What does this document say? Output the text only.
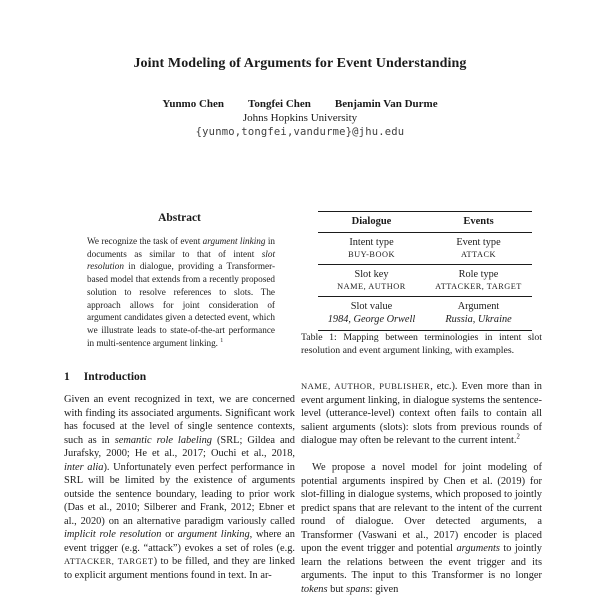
Joint Modeling of Arguments for Event Understanding
Yunmo Chen Tongfei Chen Benjamin Van Durme
Johns Hopkins University
{yunmo,tongfei,vandurme}@jhu.edu
Abstract

We recognize the task of event argument linking in documents as similar to that of intent slot resolution in dialogue, providing a Transformer-based model that extends from a recently proposed solution to resolve references to slots. The approach allows for joint consideration of argument candidates given a detected event, which we illustrate leads to state-of-the-art performance in multi-sentence argument linking. $^1$

1 Introduction

Given an event recognized in text, we are concerned with finding its associated arguments. Significant work has focused at the level of single sentence contexts, such as in semantic role labeling (SRL; Gildea and Jurafsky, 2000; He et al., 2017; Ouchi et al., 2018, inter alia). Unfortunately even perfect performance in SRL will be limited by the existence of arguments outside the sentence boundary, leading to prior work (Das et al., 2010; Silberer and Frank, 2012; Ebner et al., 2020) on an alternative paradigm variously called implicit role resolution or argument linking, where an event trigger (e.g. “attack”) evokes a set of roles (e.g. ATTACKER, TARGET) to be filled, and they are linked to explicit argument mentions found in text. In ar-

Dialogue	Events
Intent type	Event type
BUY-BOOK	ATTACK
Slot key	Role type
NAME, AUTHOR	ATTACKER, TARGET
Slot value	Argument
1984, George Orwell	Russia, Ukraine

Table 1: Mapping between terminologies in intent slot resolution and event argument linking, with examples.

NAME, AUTHOR, PUBLISHER, etc.). Even more than in event argument linking, in dialogue systems the sentence-level (utterance-level) context often fails to contain all salient arguments (slots): slots from previous rounds of dialogue may often be relevant to the current intent.$^2$

We propose a novel model for joint modeling of potential arguments inspired by Chen et al. (2019) for slot-filling in dialogue systems, which proposed to jointly predict spans that are relevant to the intent of the current round of dialogue. Over detected arguments, a Transformer (Vaswani et al., 2017) encoder is placed upon the event trigger and potential arguments to jointly learn the relations between the event trigger and its arguments. The input to this Transformer is no longer tokens but spans: given
